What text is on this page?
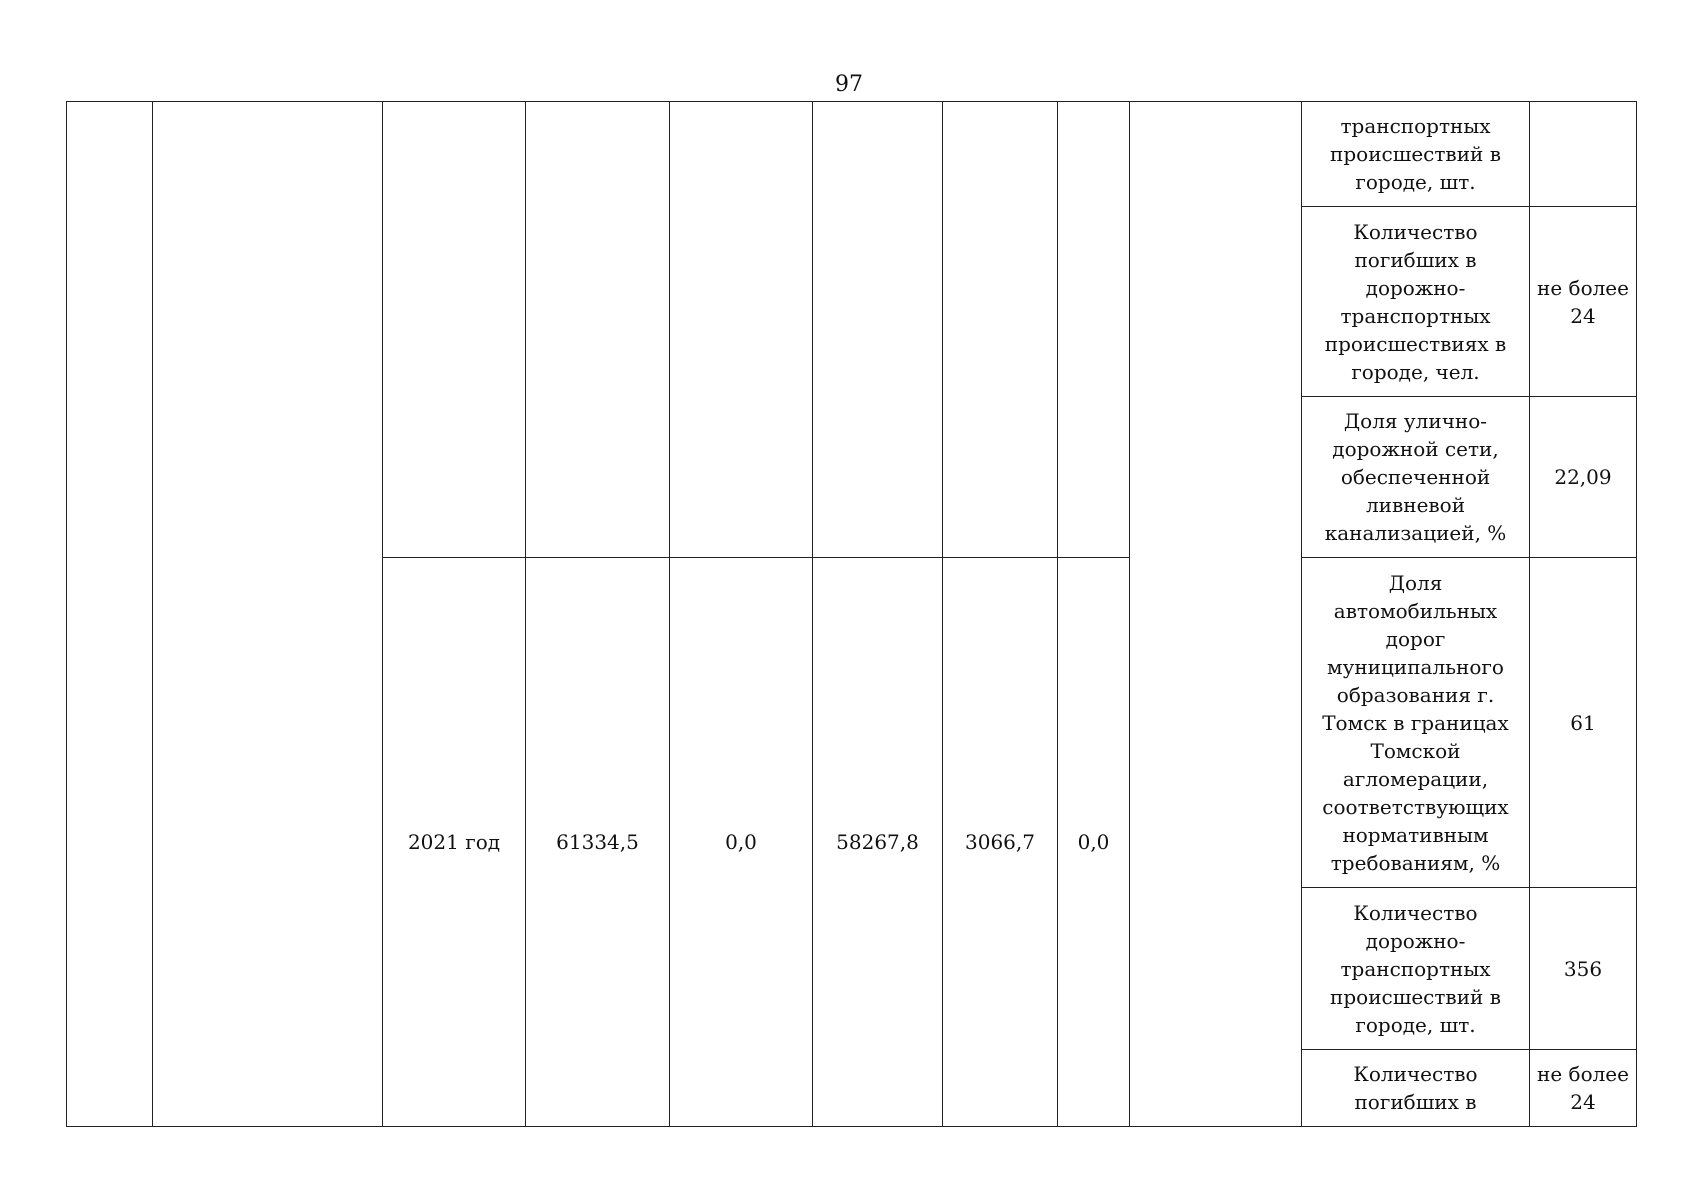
97
									транспортных происшествий в городе, шт.	
									Количество погибших в дорожно-транспортных происшествиях в городе, чел.	не более 24
									Доля улично-дорожной сети, обеспеченной ливневой канализацией, %	22,09
		2021 год	61334,5	0,0	58267,8	3066,7	0,0		Доля автомобильных дорог муниципального образования г. Томск в границах Томской агломерации, соответствующих нормативным требованиям, %	61
									Количество дорожно-транспортных происшествий в городе, шт.	356
									Количество погибших в	не более 24
